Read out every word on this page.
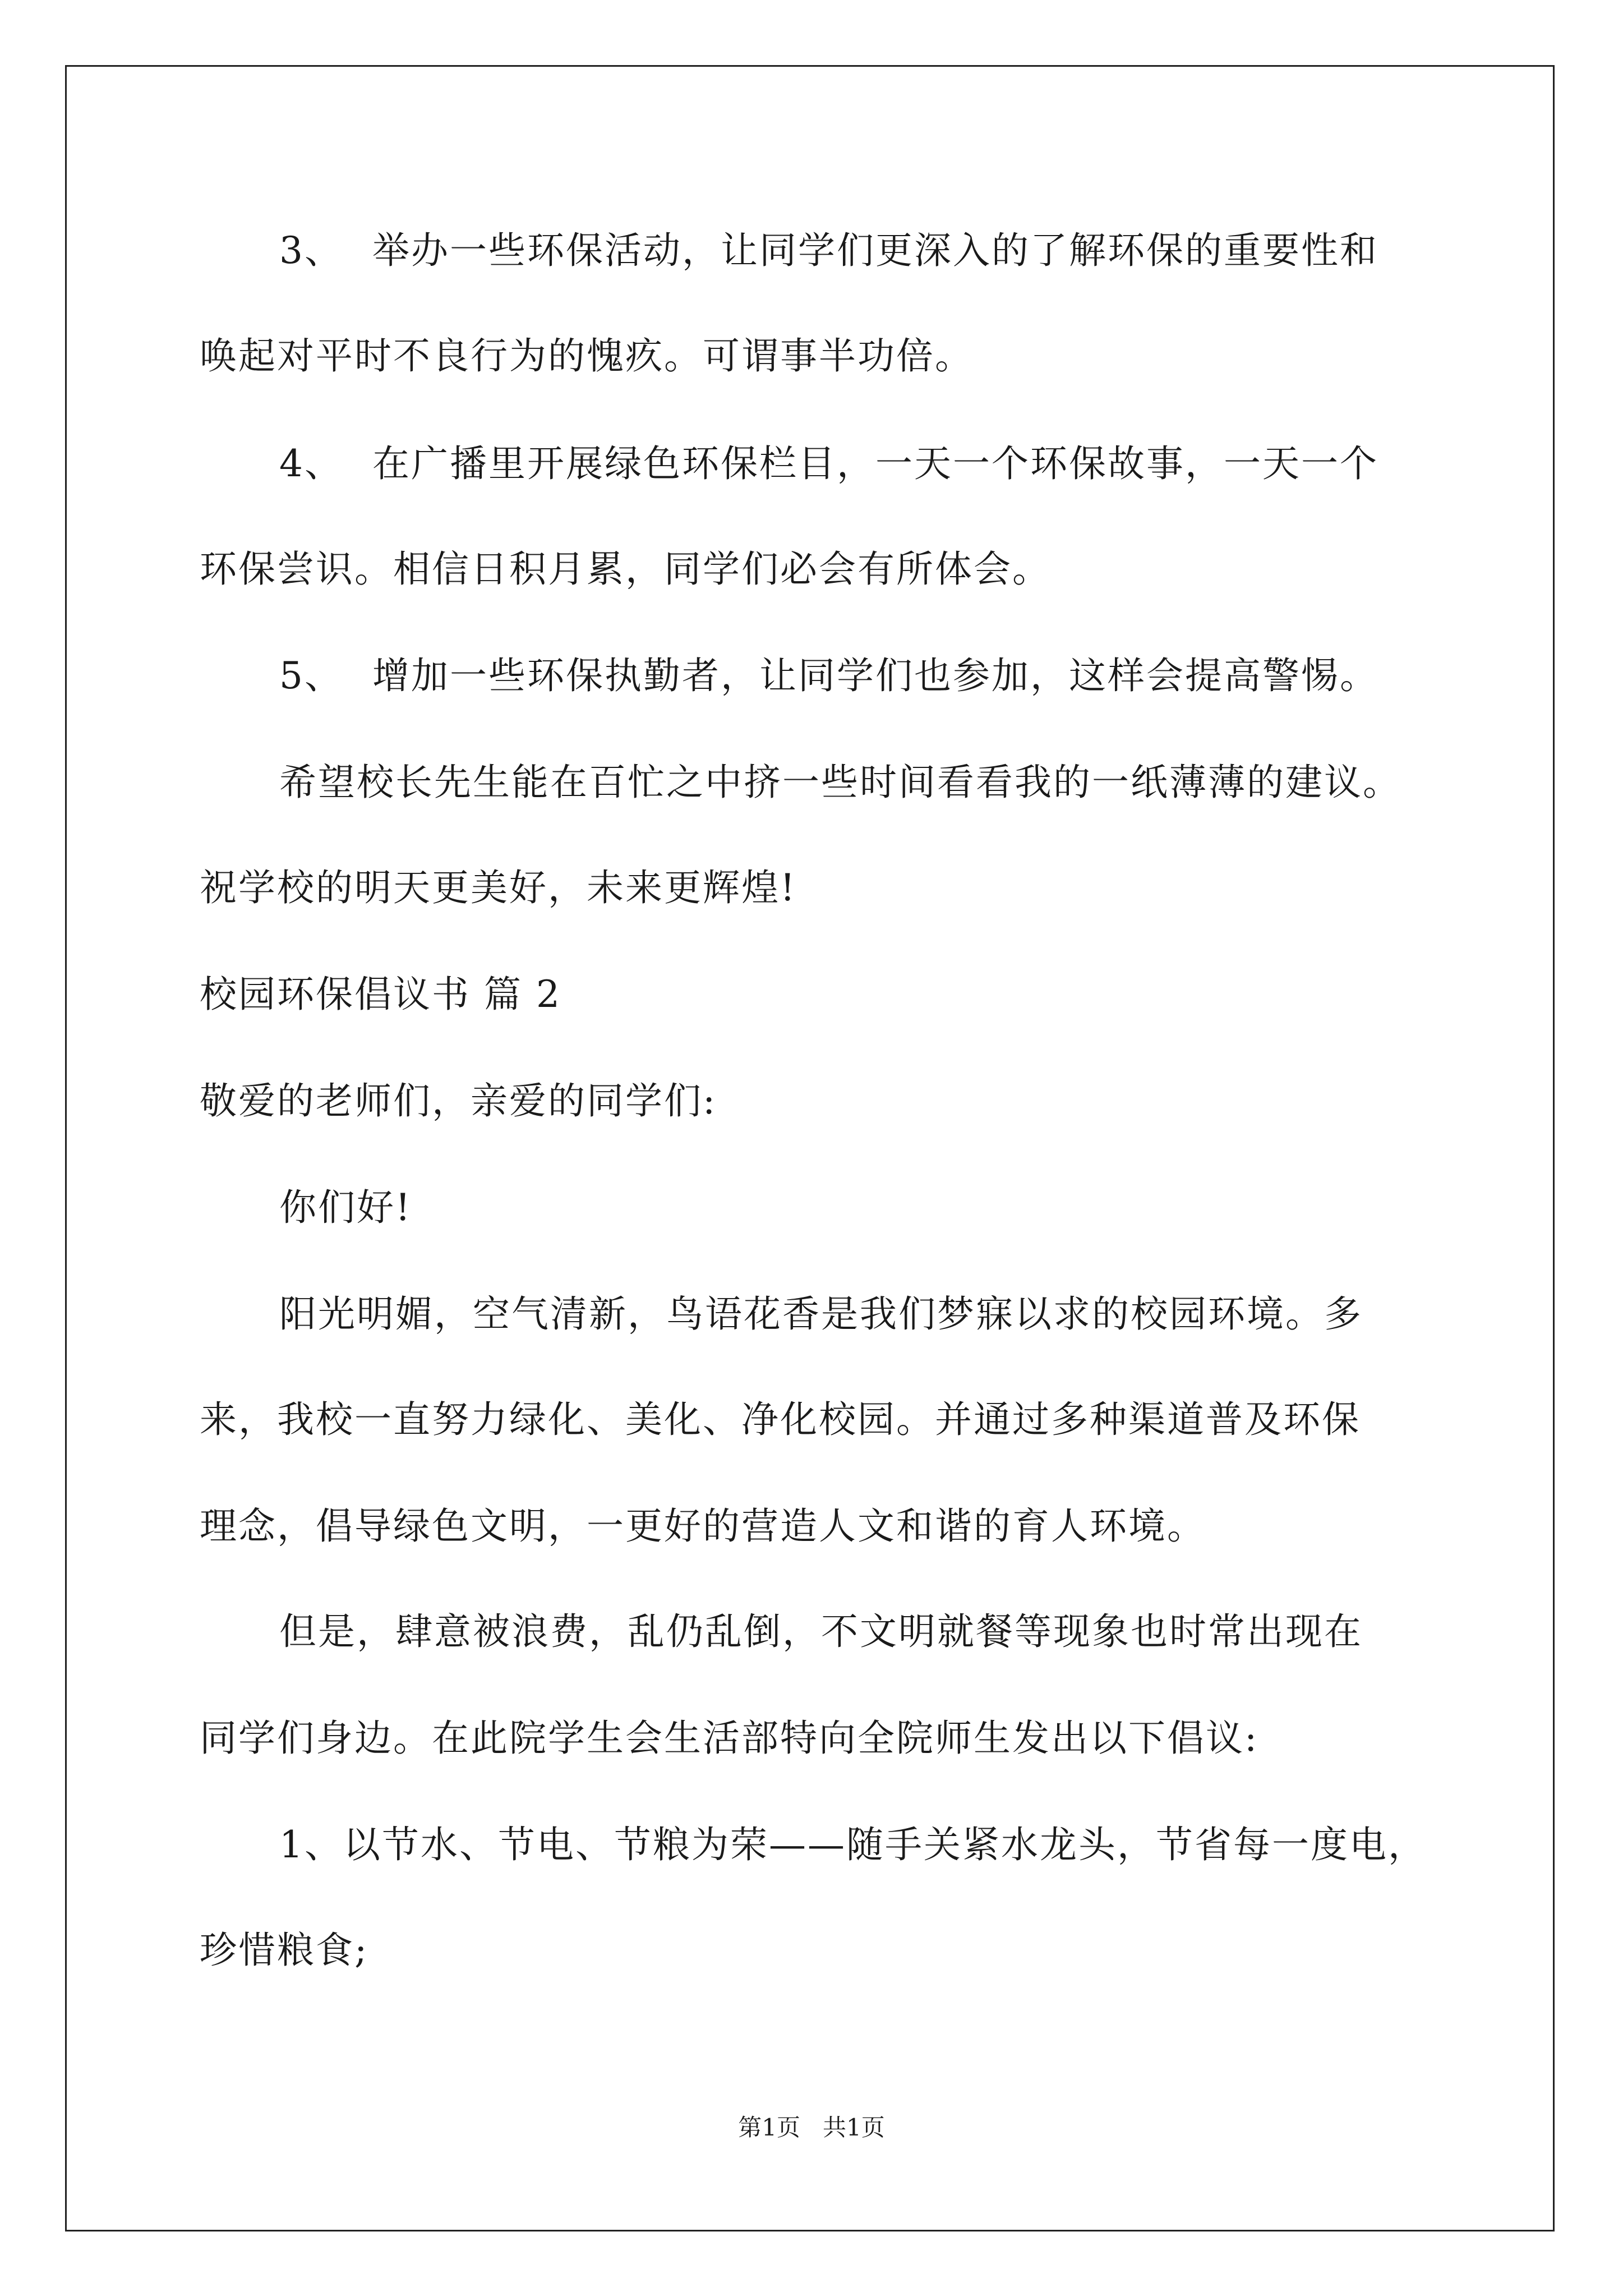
3、 举办一些环保活动，让同学们更深入的了解环保的重要性和
唤起对平时不良行为的愧疚。可谓事半功倍。
4、 在广播里开展绿色环保栏目，一天一个环保故事，一天一个
环保尝识。相信日积月累，同学们必会有所体会。
5、 增加一些环保执勤者，让同学们也参加，这样会提高警惕。
希望校长先生能在百忙之中挤一些时间看看我的一纸薄薄的建议。
祝学校的明天更美好，未来更辉煌!
校园环保倡议书 篇 2
敬爱的老师们，亲爱的同学们:
你们好!
阳光明媚，空气清新，鸟语花香是我们梦寐以求的校园环境。多
来，我校一直努力绿化、美化、净化校园。并通过多种渠道普及环保
理念，倡导绿色文明，一更好的营造人文和谐的育人环境。
但是，肆意被浪费，乱仍乱倒，不文明就餐等现象也时常出现在
同学们身边。在此院学生会生活部特向全院师生发出以下倡议:
1、以节水、节电、节粮为荣——随手关紧水龙头，节省每一度电，
珍惜粮食;
第1页 共1页
